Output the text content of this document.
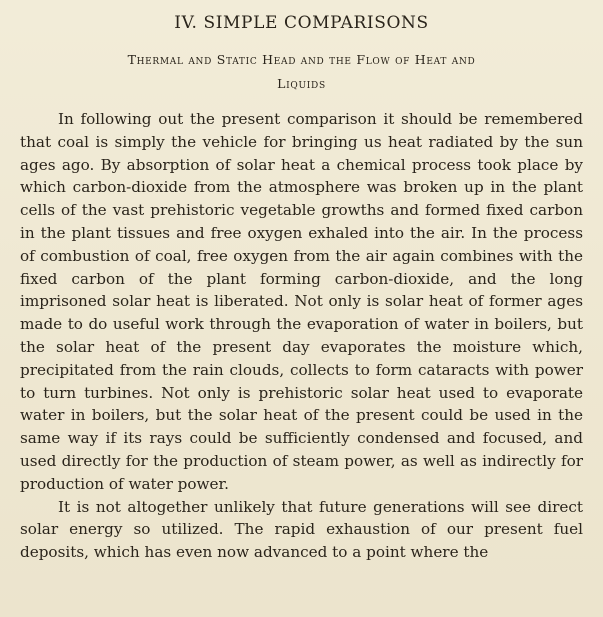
IV. SIMPLE COMPARISONS
Thermal and Static Head and the Flow of Heat and
Liquids

In following out the present comparison it should be remembered that coal is simply the vehicle for bringing us heat radiated by the sun ages ago. By absorption of solar heat a chemical process took place by which carbon-dioxide from the atmosphere was broken up in the plant cells of the vast prehistoric vegetable growths and formed fixed carbon in the plant tissues and free oxygen exhaled into the air. In the process of combustion of coal, free oxygen from the air again combines with the fixed carbon of the plant forming carbon-dioxide, and the long imprisoned solar heat is liberated. Not only is solar heat of former ages made to do useful work through the evaporation of water in boilers, but the solar heat of the present day evaporates the moisture which, precipitated from the rain clouds, collects to form cataracts with power to turn turbines. Not only is prehistoric solar heat used to evaporate water in boilers, but the solar heat of the present could be used in the same way if its rays could be sufficiently condensed and focused, and used directly for the production of steam power, as well as indirectly for production of water power.

It is not altogether unlikely that future generations will see direct solar energy so utilized. The rapid exhaustion of our present fuel deposits, which has even now advanced to a point where the
